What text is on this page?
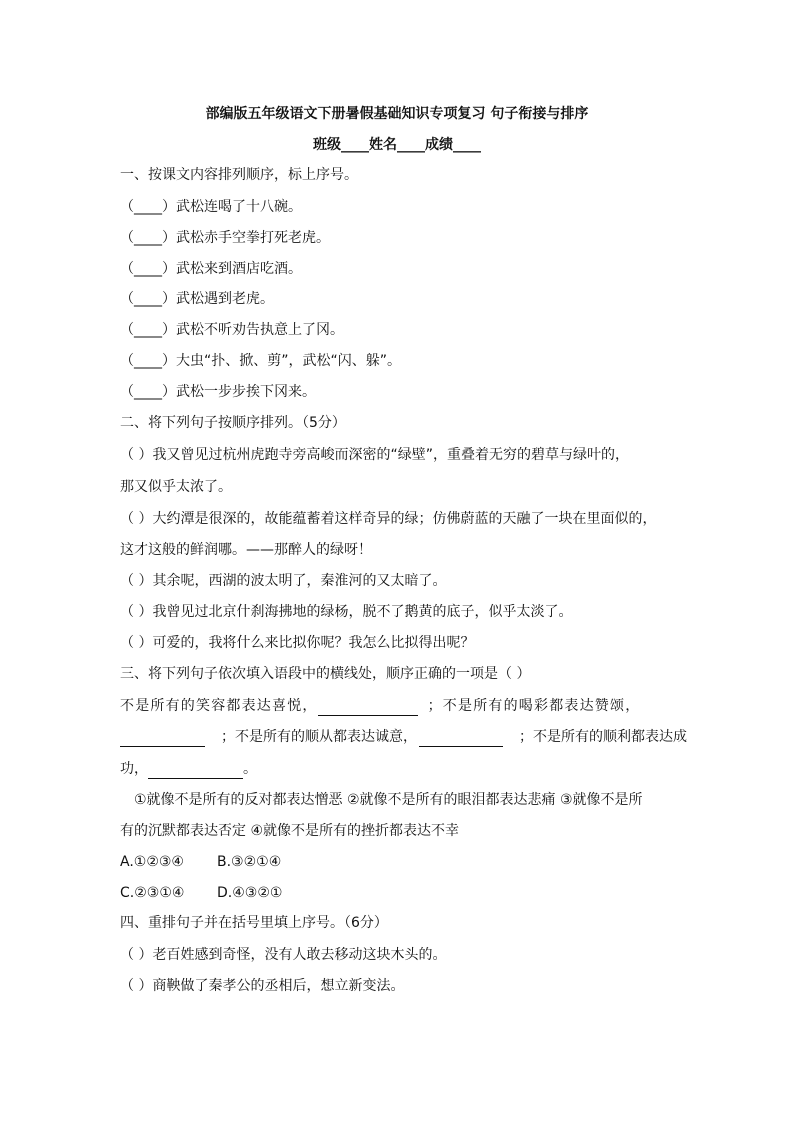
部编版五年级语文下册暑假基础知识专项复习 句子衔接与排序
班级____姓名____成绩____
一、按课文内容排列顺序，标上序号。
（____）武松连喝了十八碗。
（____）武松赤手空拳打死老虎。
（____）武松来到酒店吃酒。
（____）武松遇到老虎。
（____）武松不听劝告执意上了冈。
（____）大虫“扑、掀、剪”，武松“闪、躲”。
（____）武松一步步挨下冈来。
二、将下列句子按顺序排列。（5分）
（ ）我又曾见过杭州虎跑寺旁高峻而深密的“绿壁”，重叠着无穷的碧草与绿叶的，
那又似乎太浓了。
（ ）大约潭是很深的，故能蕴蓄着这样奇异的绿；仿佛蔚蓝的天融了一块在里面似的，
这才这般的鲜润哪。——那醉人的绿呀！
（ ）其余呢，西湖的波太明了，秦淮河的又太暗了。
（ ）我曾见过北京什刹海拂地的绿杨，脱不了鹅黄的底子，似乎太淡了。
（ ）可爱的，我将什么来比拟你呢？我怎么比拟得出呢？
三、将下列句子依次填入语段中的横线处，顺序正确的一项是（ ）
不是所有的笑容都表达喜悦，	；不是所有的喝彩都表达赞颂，
；不是所有的顺从都表达诚意，	；不是所有的顺利都表达成
功，	。
①就像不是所有的反对都表达憎恶 ②就像不是所有的眼泪都表达悲痛 ③就像不是所
有的沉默都表达否定 ④就像不是所有的挫折都表达不幸
A.①②③④ B.③②①④
C.②③①④ D.④③②①
四、重排句子并在括号里填上序号。（6分）
（ ）老百姓感到奇怪，没有人敢去移动这块木头的。
（ ）商鞅做了秦孝公的丞相后，想立新变法。
